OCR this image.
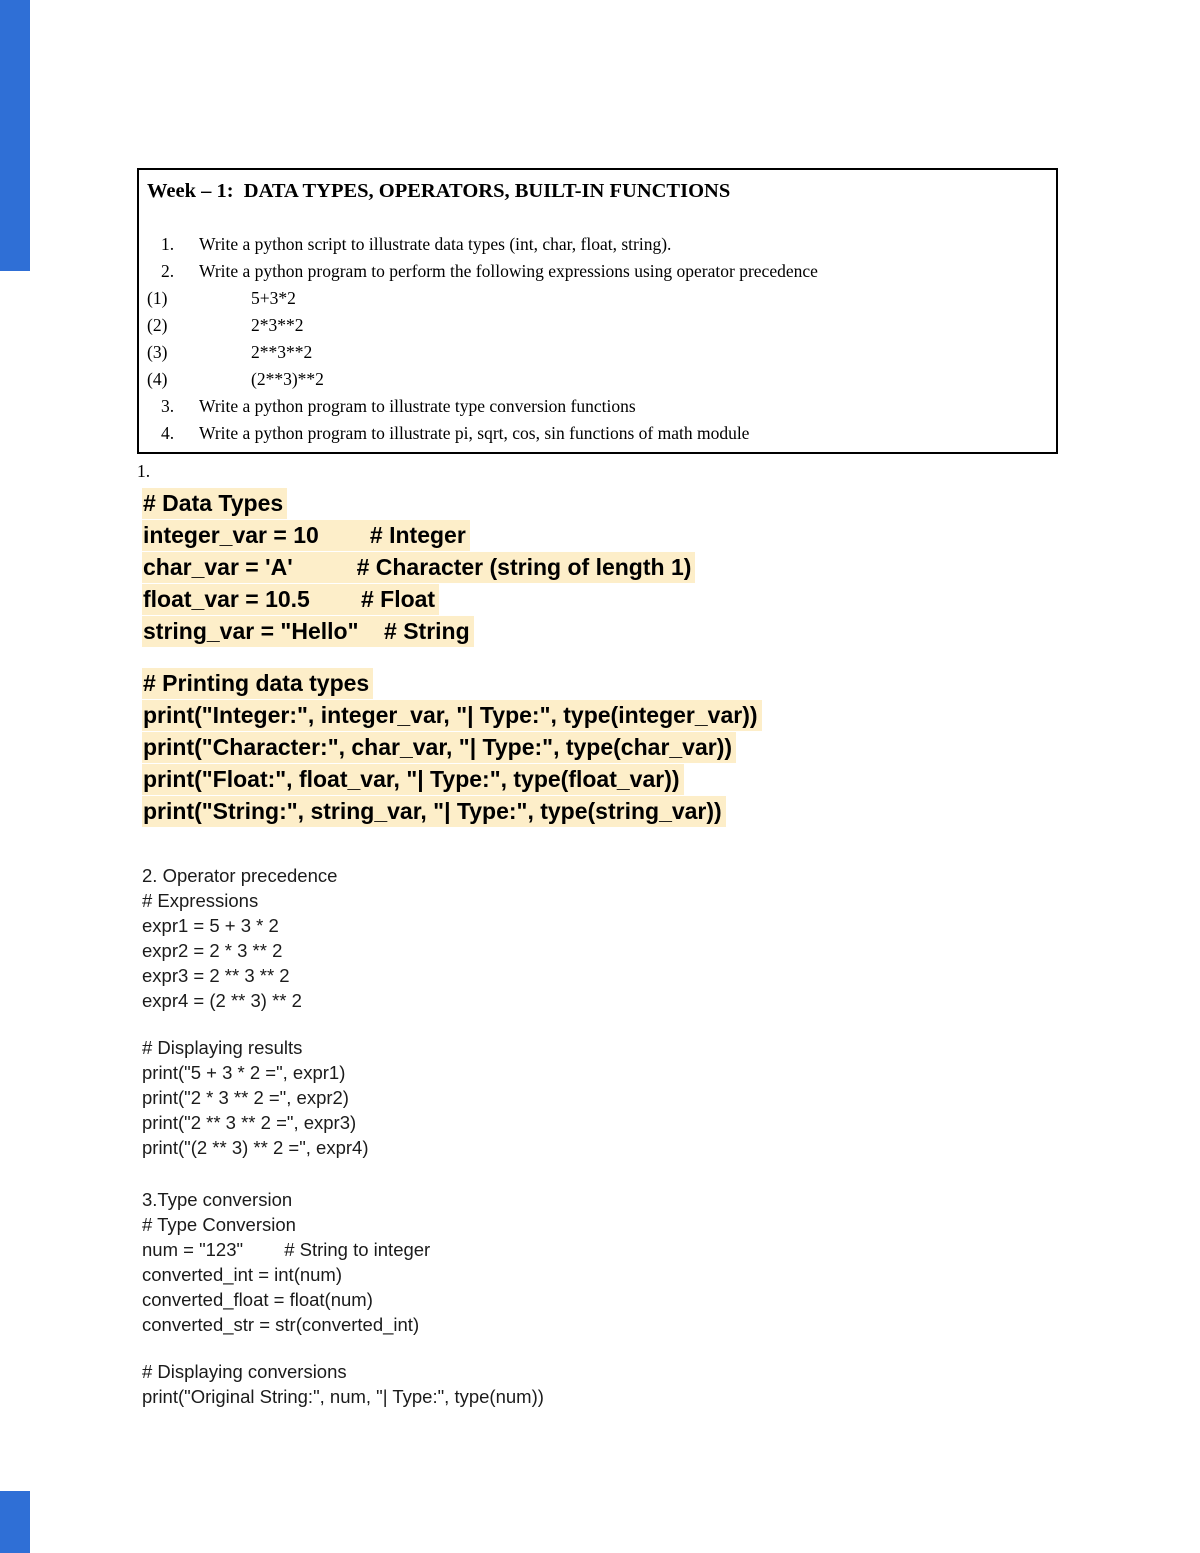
Week – 1:  DATA TYPES, OPERATORS, BUILT-IN FUNCTIONS
1.	Write a python script to illustrate data types (int, char, float, string).
2.	Write a python program to perform the following expressions using operator precedence
(1)	5+3*2
(2)	2*3**2
(3)	2**3**2
(4)	(2**3)**2
3.	Write a python program to illustrate type conversion functions
4.	Write a python program to illustrate pi, sqrt, cos, sin functions of math module
1.
# Data Types
integer_var = 10        # Integer
char_var = 'A'          # Character (string of length 1)
float_var = 10.5        # Float
string_var = "Hello"    # String
# Printing data types
print("Integer:", integer_var, "| Type:", type(integer_var))
print("Character:", char_var, "| Type:", type(char_var))
print("Float:", float_var, "| Type:", type(float_var))
print("String:", string_var, "| Type:", type(string_var))
2. Operator precedence
# Expressions
expr1 = 5 + 3 * 2
expr2 = 2 * 3 ** 2
expr3 = 2 ** 3 ** 2
expr4 = (2 ** 3) ** 2
# Displaying results
print("5 + 3 * 2 =", expr1)
print("2 * 3 ** 2 =", expr2)
print("2 ** 3 ** 2 =", expr3)
print("(2 ** 3) ** 2 =", expr4)
3.Type conversion
# Type Conversion
num = "123"        # String to integer
converted_int = int(num)
converted_float = float(num)
converted_str = str(converted_int)
# Displaying conversions
print("Original String:", num, "| Type:", type(num))
